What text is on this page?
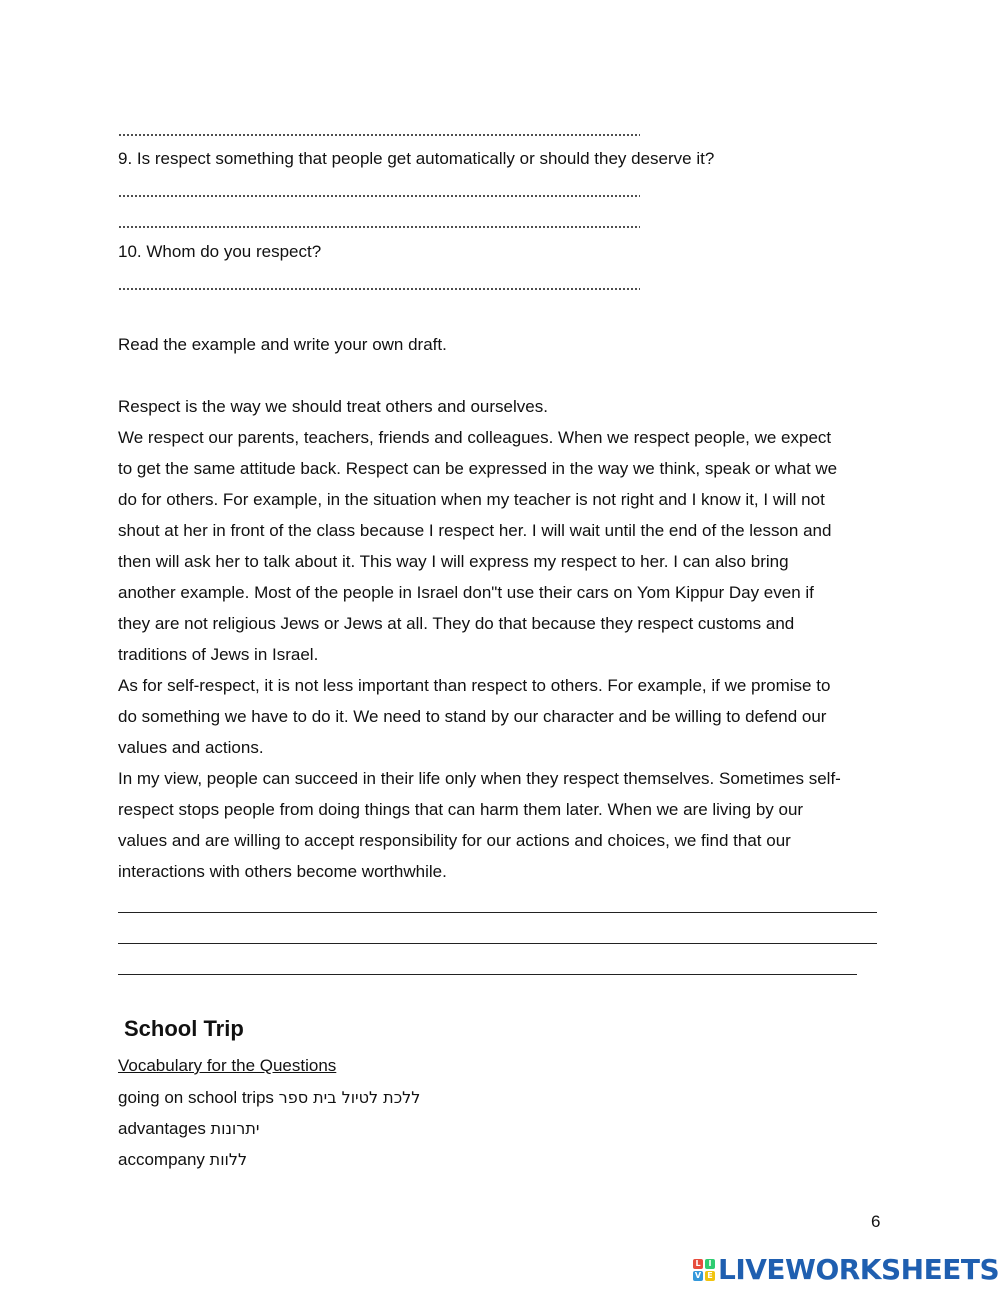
9. Is respect something that people get automatically or should they deserve it?
10. Whom do you respect?
Read the example and write your own draft.
Respect is the way we should treat others and ourselves.
We respect our parents, teachers, friends and colleagues. When we respect people, we expect
to get the same attitude back. Respect can be expressed in the way we think, speak or what we
do for others. For example, in the situation when my teacher is not right and I know it, I will not
shout at her in front of the class because I respect her. I will wait until the end of the lesson and
then will ask her to talk about it. This way I will express my respect to her. I can also bring
another example. Most of the people in Israel don"t use their cars on Yom Kippur Day even if
they are not religious Jews or Jews at all. They do that because they respect customs and
traditions of Jews in Israel.
As for self-respect, it is not less important than respect to others. For example, if we promise to
do something we have to do it. We need to stand by our character and be willing to defend our
values and actions.
In my view, people can succeed in their life only when they respect themselves. Sometimes self-
respect stops people from doing things that can harm them later. When we are living by our
values and are willing to accept responsibility for our actions and choices, we find that our
interactions with others become worthwhile.
School Trip
Vocabulary for the Questions
going on school trips ללכת לטיול בית ספר
advantages יתרונות
accompany ללוות
6
L I
V E LIVEWORKSHEETS
